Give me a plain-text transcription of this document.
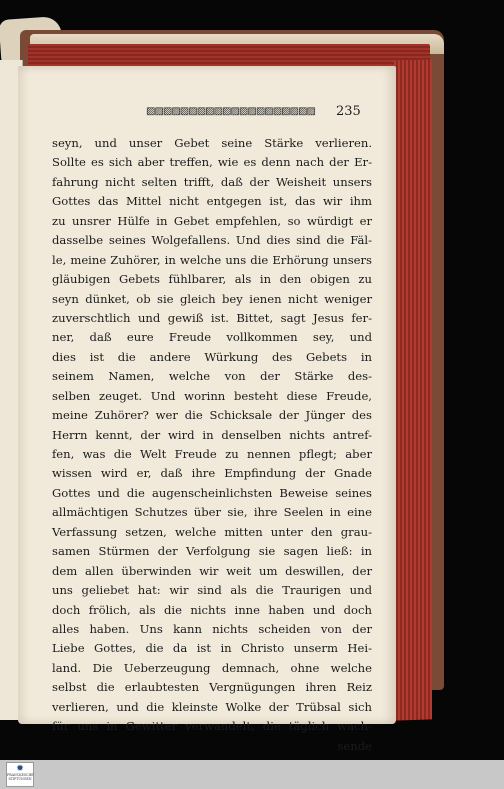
▨▨▨▨▨▨▨▨▨▨▨▨▨▨▨▨▨▨▨▨ 235
seyn, und unser Gebet seine Stärke verlieren.
Sollte es sich aber treffen, wie es denn nach der Er-
fahrung nicht selten trifft, daß der Weisheit unsers
Gottes das Mittel nicht entgegen ist, das wir ihm
zu unsrer Hülfe in Gebet empfehlen, so würdigt er
dasselbe seines Wolgefallens. Und dies sind die Fäl-
le, meine Zuhörer, in welche uns die Erhörung unsers
gläubigen Gebets fühlbarer, als in den obigen zu
seyn dünket, ob sie gleich bey ienen nicht weniger
zuverschtlich und gewiß ist. Bittet, sagt Jesus fer-
ner, daß eure Freude vollkommen sey, und
dies ist die andere Würkung des Gebets in
seinem Namen, welche von der Stärke des-
selben zeuget. Und worinn besteht diese Freude,
meine Zuhörer? wer die Schicksale der Jünger des
Herrn kennt, der wird in denselben nichts antref-
fen, was die Welt Freude zu nennen pflegt; aber
wissen wird er, daß ihre Empfindung der Gnade
Gottes und die augenscheinlichsten Beweise seines
allmächtigen Schutzes über sie, ihre Seelen in eine
Verfassung setzen, welche mitten unter den grau-
samen Stürmen der Verfolgung sie sagen ließ: in
dem allen überwinden wir weit um deswillen, der
uns geliebet hat: wir sind als die Traurigen und
doch frölich, als die nichts inne haben und doch
alles haben. Uns kann nichts scheiden von der
Liebe Gottes, die da ist in Christo unserm Hei-
land. Die Ueberzeugung demnach, ohne welche
selbst die erlaubtesten Vergnügungen ihren Reiz
verlieren, und die kleinste Wolke der Trübsal sich
für uns in Gewitter verwandelt, die täglich wach-
sende
✹
FRANCKESCHE
STIFTUNGEN
